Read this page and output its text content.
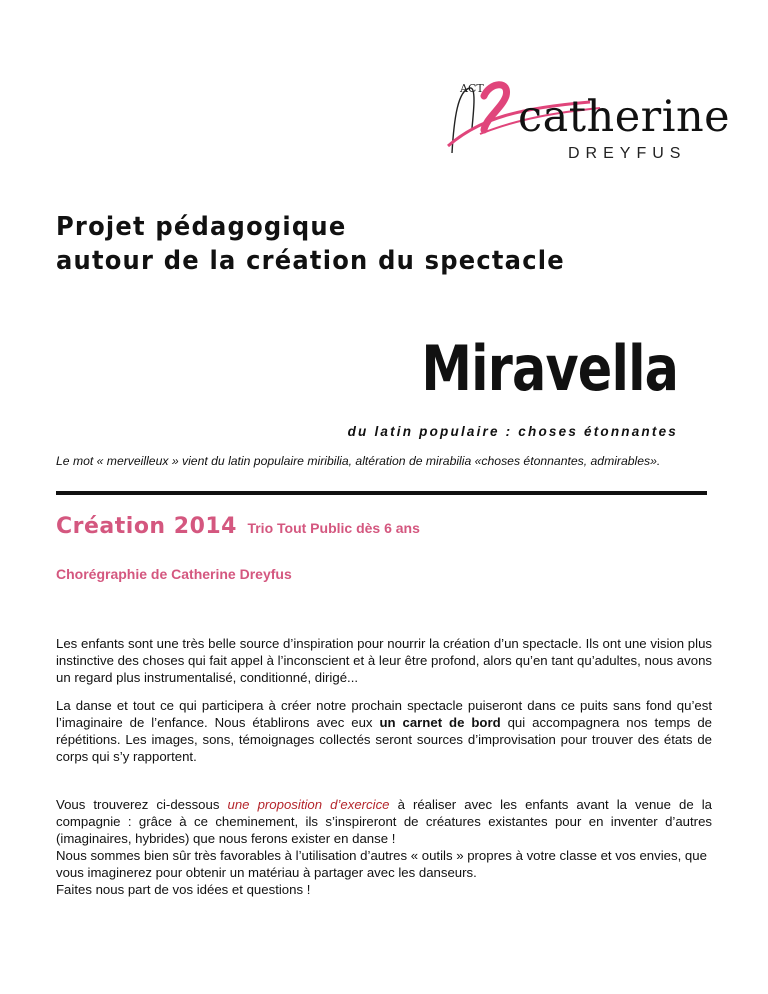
ACT
catherine
DREYFUS
Projet pédagogique
autour de la création du spectacle
Miravella
du latin populaire : choses étonnantes
Le mot « merveilleux » vient du latin populaire miribilia, altération de mirabilia «choses étonnantes, admirables».
Création 2014 Trio Tout Public dès 6 ans
Chorégraphie de Catherine Dreyfus

Les enfants sont une très belle source d’inspiration pour nourrir la création d’un spectacle. Ils ont une vision plus instinctive des choses qui fait appel à l’inconscient et à leur être profond, alors qu’en tant qu’adultes, nous avons un regard plus instrumentalisé, conditionné, dirigé...

La danse et tout ce qui participera à créer notre prochain spectacle puiseront dans ce puits sans fond qu’est l’imaginaire de l’enfance. Nous établirons avec eux un carnet de bord qui accompagnera nos temps de répétitions. Les images, sons, témoignages collectés seront sources d’improvisation pour trouver des états de corps qui s’y rapportent.

Vous trouverez ci-dessous une proposition d’exercice à réaliser avec les enfants avant la venue de la compagnie : grâce à ce cheminement, ils s’inspireront de créatures existantes pour en inventer d’autres (imaginaires, hybrides) que nous ferons exister en danse !
Nous sommes bien sûr très favorables à l’utilisation d’autres « outils » propres à votre classe et vos envies, que vous imaginerez pour obtenir un matériau à partager avec les danseurs.
Faites nous part de vos idées et questions !
